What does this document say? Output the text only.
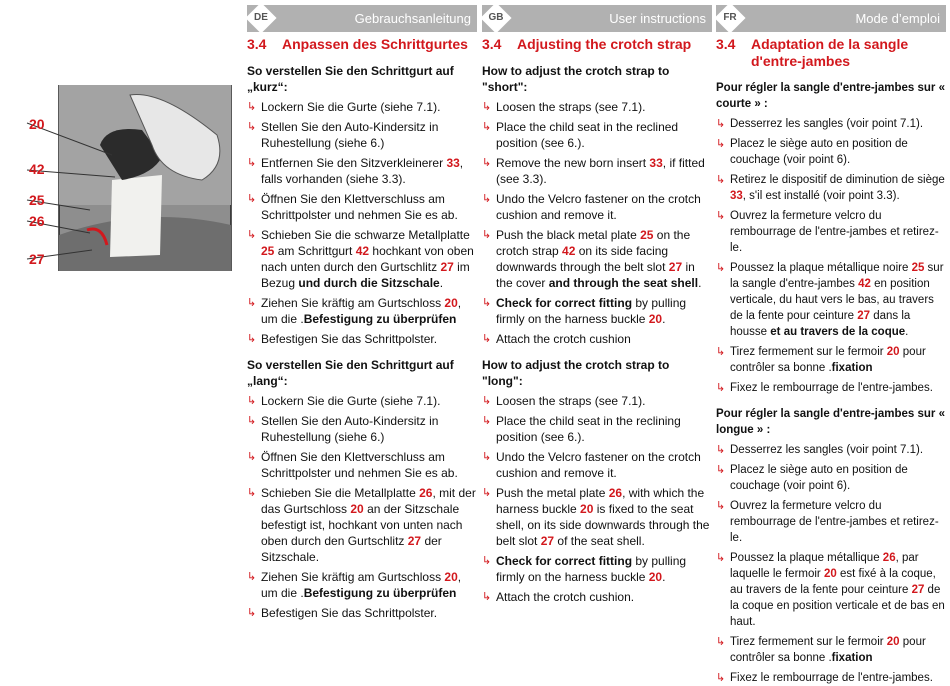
20
42
25
26
27
DE	Gebrauchsanleitung
3.4	Anpassen des Schrittgurtes
So verstellen Sie den Schrittgurt auf „kurz“:
↳ Lockern Sie die Gurte (siehe 7.1).
↳ Stellen Sie den Auto-Kindersitz in Ruhestellung (siehe 6.)
↳ Entfernen Sie den Sitzverkleinerer 33, falls vorhanden (siehe 3.3).
↳ Öffnen Sie den Klettverschluss am Schrittpolster und nehmen Sie es ab.
↳ Schieben Sie die schwarze Metallplatte 25 am Schrittgurt 42 hochkant von oben nach unten durch den Gurtschlitz 27 im Bezug und durch die Sitzschale.
↳ Ziehen Sie kräftig am Gurtschloss 20, um die .Befestigung zu überprüfen
↳ Befestigen Sie das Schrittpolster.
So verstellen Sie den Schrittgurt auf „lang“:
↳ Lockern Sie die Gurte (siehe 7.1).
↳ Stellen Sie den Auto-Kindersitz in Ruhestellung (siehe 6.)
↳ Öffnen Sie den Klettverschluss am Schrittpolster und nehmen Sie es ab.
↳ Schieben Sie die Metallplatte 26, mit der das Gurtschloss 20 an der Sitzschale befestigt ist, hochkant von unten nach oben durch den Gurtschlitz 27 der Sitzschale.
↳ Ziehen Sie kräftig am Gurtschloss 20, um die .Befestigung zu überprüfen
↳ Befestigen Sie das Schrittpolster.
GB	User instructions
3.4	Adjusting the crotch strap
How to adjust the crotch strap to "short":
↳ Loosen the straps (see 7.1).
↳ Place the child seat in the reclined position (see 6.).
↳ Remove the new born insert 33, if fitted (see 3.3).
↳ Undo the Velcro fastener on the crotch cushion and remove it.
↳ Push the black metal plate 25 on the crotch strap 42 on its side facing downwards through the belt slot 27 in the cover and through the seat shell.
↳ Check for correct fitting by pulling firmly on the harness buckle 20.
↳ Attach the crotch cushion
How to adjust the crotch strap to "long":
↳ Loosen the straps (see 7.1).
↳ Place the child seat in the reclining position (see 6.).
↳ Undo the Velcro fastener on the crotch cushion and remove it.
↳ Push the metal plate 26, with which the harness buckle 20 is fixed to the seat shell, on its side downwards through the belt slot 27 of the seat shell.
↳ Check for correct fitting by pulling firmly on the harness buckle 20.
↳ Attach the crotch cushion.
FR	Mode d’emploi
3.4	Adaptation de la sangle d'entre-jambes
Pour régler la sangle d'entre-jambes sur « courte » :
↳ Desserrez les sangles (voir point 7.1).
↳ Placez le siège auto en position de couchage (voir point 6).
↳ Retirez le dispositif de diminution de siège 33, s'il est installé (voir point 3.3).
↳ Ouvrez la fermeture velcro du rembourrage de l'entre-jambes et retirez-le.
↳ Poussez la plaque métallique noire 25 sur la sangle d'entre-jambes 42 en position verticale, du haut vers le bas, au travers de la fente pour ceinture 27 dans la housse et au travers de la coque.
↳ Tirez fermement sur le fermoir 20 pour contrôler sa bonne .fixation
↳ Fixez le rembourrage de l'entre-jambes.
Pour régler la sangle d'entre-jambes sur « longue » :
↳ Desserrez les sangles (voir point 7.1).
↳ Placez le siège auto en position de couchage (voir point 6).
↳ Ouvrez la fermeture velcro du rembourrage de l'entre-jambes et retirez-le.
↳ Poussez la plaque métallique 26, par laquelle le fermoir 20 est fixé à la coque, au travers de la fente pour ceinture 27 de la coque en position verticale et de bas en haut.
↳ Tirez fermement sur le fermoir 20 pour contrôler sa bonne .fixation
↳ Fixez le rembourrage de l'entre-jambes.
